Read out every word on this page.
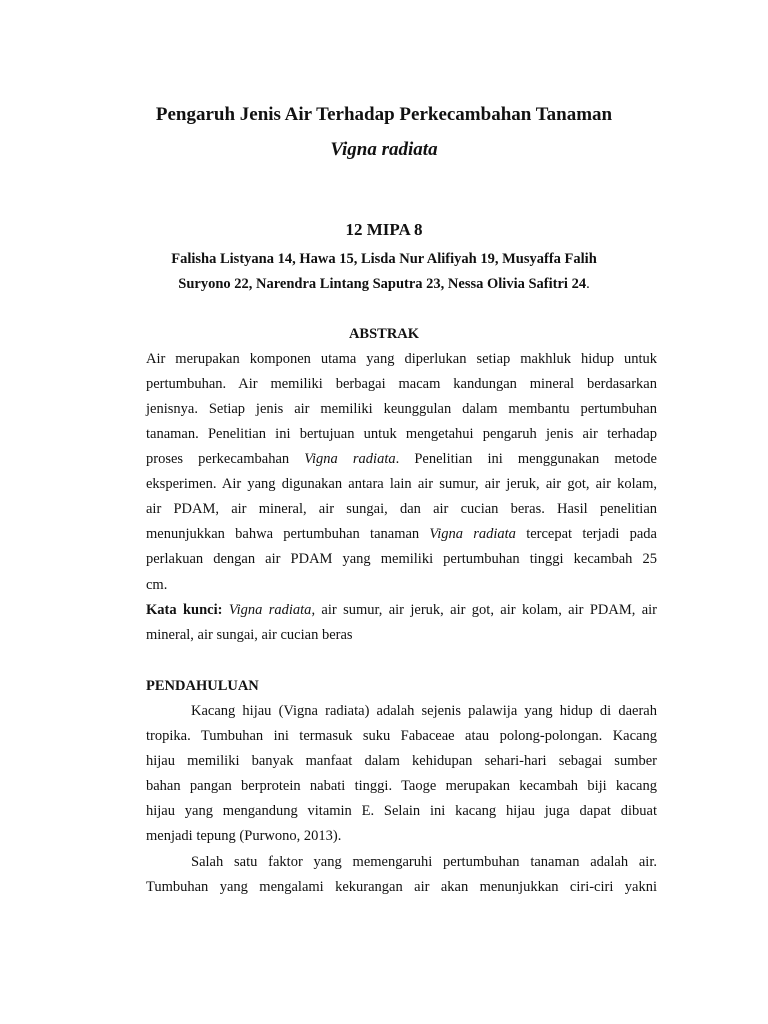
Pengaruh Jenis Air Terhadap Perkecambahan Tanaman
Vigna radiata
12 MIPA 8
Falisha Listyana 14, Hawa 15, Lisda Nur Alifiyah 19, Musyaffa Falih
Suryono 22, Narendra Lintang Saputra 23, Nessa Olivia Safitri 24.
ABSTRAK
Air merupakan komponen utama yang diperlukan setiap makhluk hidup untuk
pertumbuhan. Air memiliki berbagai macam kandungan mineral berdasarkan
jenisnya. Setiap jenis air memiliki keunggulan dalam membantu pertumbuhan
tanaman. Penelitian ini bertujuan untuk mengetahui pengaruh jenis air terhadap
proses perkecambahan Vigna radiata. Penelitian ini menggunakan metode
eksperimen. Air yang digunakan antara lain air sumur, air jeruk, air got, air kolam,
air PDAM, air mineral, air sungai, dan air cucian beras. Hasil penelitian
menunjukkan bahwa pertumbuhan tanaman Vigna radiata tercepat terjadi pada
perlakuan dengan air PDAM yang memiliki pertumbuhan tinggi kecambah 25
cm.
Kata kunci: Vigna radiata, air sumur, air jeruk, air got, air kolam, air PDAM, air
mineral, air sungai, air cucian beras
PENDAHULUAN
Kacang hijau (Vigna radiata) adalah sejenis palawija yang hidup di daerah
tropika. Tumbuhan ini termasuk suku Fabaceae atau polong-polongan. Kacang
hijau memiliki banyak manfaat dalam kehidupan sehari-hari sebagai sumber
bahan pangan berprotein nabati tinggi. Taoge merupakan kecambah biji kacang
hijau yang mengandung vitamin E. Selain ini kacang hijau juga dapat dibuat
menjadi tepung (Purwono, 2013).
Salah satu faktor yang memengaruhi pertumbuhan tanaman adalah air.
Tumbuhan yang mengalami kekurangan air akan menunjukkan ciri-ciri yakni
